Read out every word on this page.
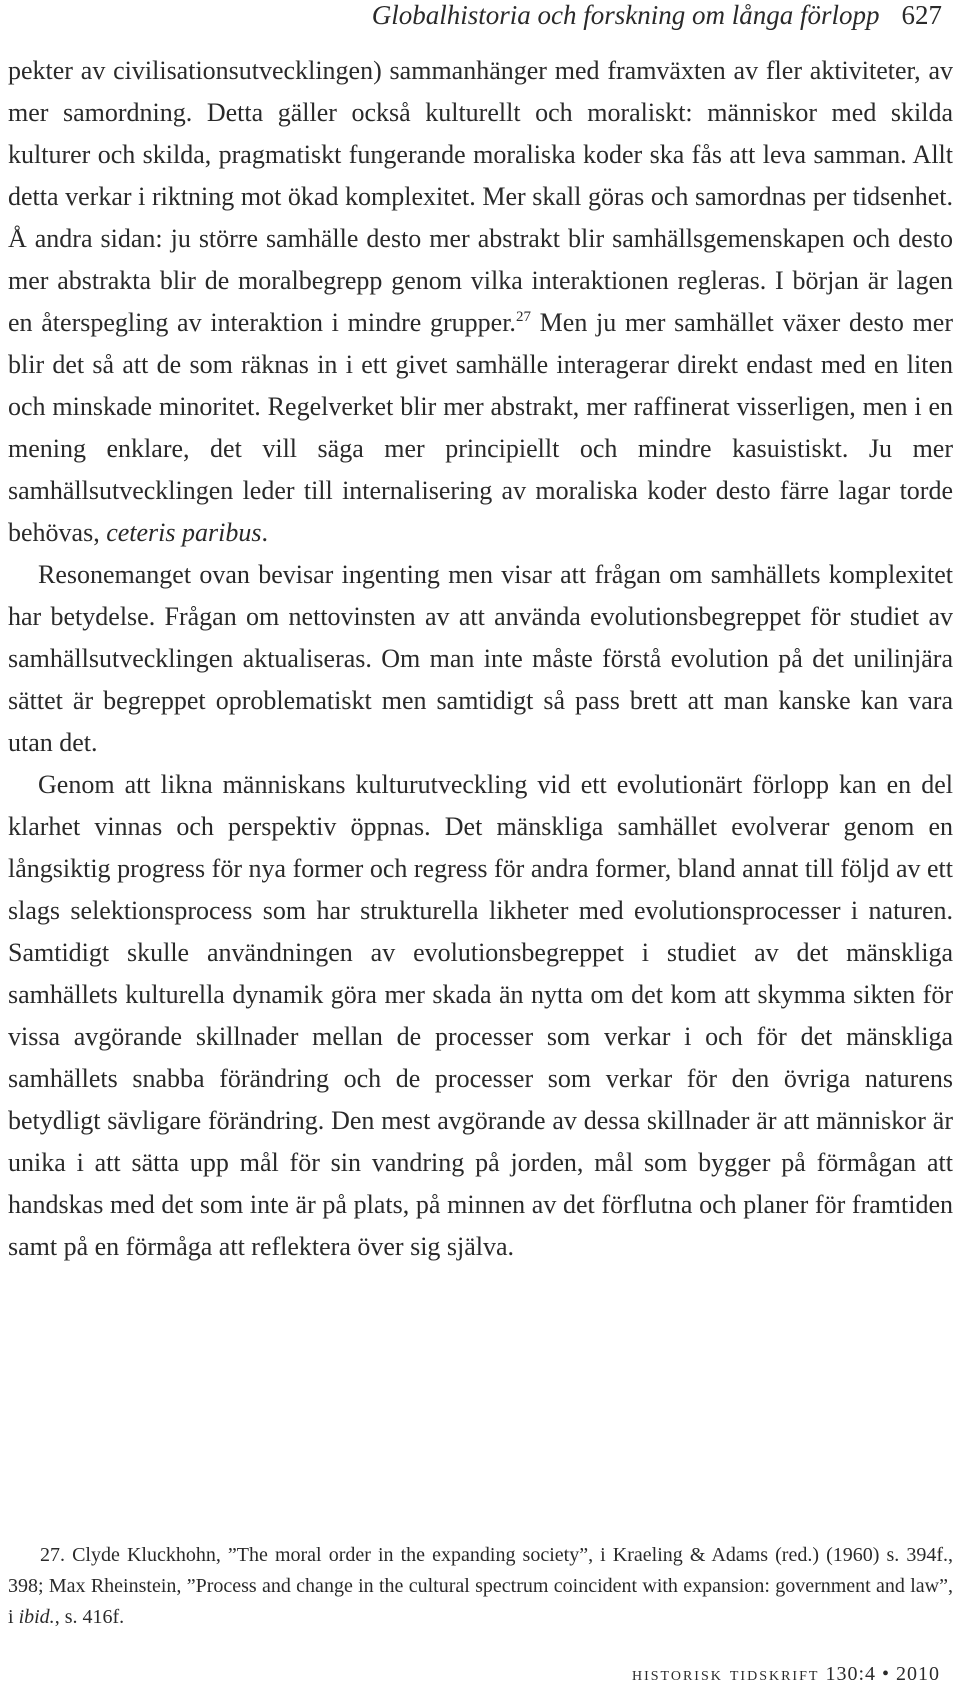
Globalhistoria och forskning om långa förlopp 627

pekter av civilisationsutvecklingen) sammanhänger med framväxten av fler aktiviteter, av mer samordning. Detta gäller också kulturellt och moraliskt: människor med skilda kulturer och skilda, pragmatiskt fungerande moraliska koder ska fås att leva samman. Allt detta verkar i riktning mot ökad komplexitet. Mer skall göras och samordnas per tidsenhet. Å andra sidan: ju större samhälle desto mer abstrakt blir samhällsgemenskapen och desto mer abstrakta blir de moralbegrepp genom vilka interaktionen regleras. I början är lagen en återspegling av interaktion i mindre grupper.$^{27}$ Men ju mer samhället växer desto mer blir det så att de som räknas in i ett givet samhälle interagerar direkt endast med en liten och minskade minoritet. Regelverket blir mer abstrakt, mer raffinerat visserligen, men i en mening enklare, det vill säga mer principiellt och mindre kasuistiskt. Ju mer samhällsutvecklingen leder till internalisering av moraliska koder desto färre lagar torde behövas, ceteris paribus.

Resonemanget ovan bevisar ingenting men visar att frågan om samhällets komplexitet har betydelse. Frågan om nettovinsten av att använda evolutionsbegreppet för studiet av samhällsutvecklingen aktualiseras. Om man inte måste förstå evolution på det unilinjära sättet är begreppet oproblematiskt men samtidigt så pass brett att man kanske kan vara utan det.

Genom att likna människans kulturutveckling vid ett evolutionärt förlopp kan en del klarhet vinnas och perspektiv öppnas. Det mänskliga samhället evolverar genom en långsiktig progress för nya former och regress för andra former, bland annat till följd av ett slags selektionsprocess som har strukturella likheter med evolutionsprocesser i naturen. Samtidigt skulle användningen av evolutionsbegreppet i studiet av det mänskliga samhällets kulturella dynamik göra mer skada än nytta om det kom att skymma sikten för vissa avgörande skillnader mellan de processer som verkar i och för det mänskliga samhällets snabba förändring och de processer som verkar för den övriga naturens betydligt sävligare förändring. Den mest avgörande av dessa skillnader är att människor är unika i att sätta upp mål för sin vandring på jorden, mål som bygger på förmågan att handskas med det som inte är på plats, på minnen av det förflutna och planer för framtiden samt på en förmåga att reflektera över sig själva.

27. Clyde Kluckhohn, ”The moral order in the expanding society”, i Kraeling & Adams (red.) (1960) s. 394f., 398; Max Rheinstein, ”Process and change in the cultural spectrum coincident with expansion: government and law”, i ibid., s. 416f.

historisk tidskrift 130:4 • 2010
